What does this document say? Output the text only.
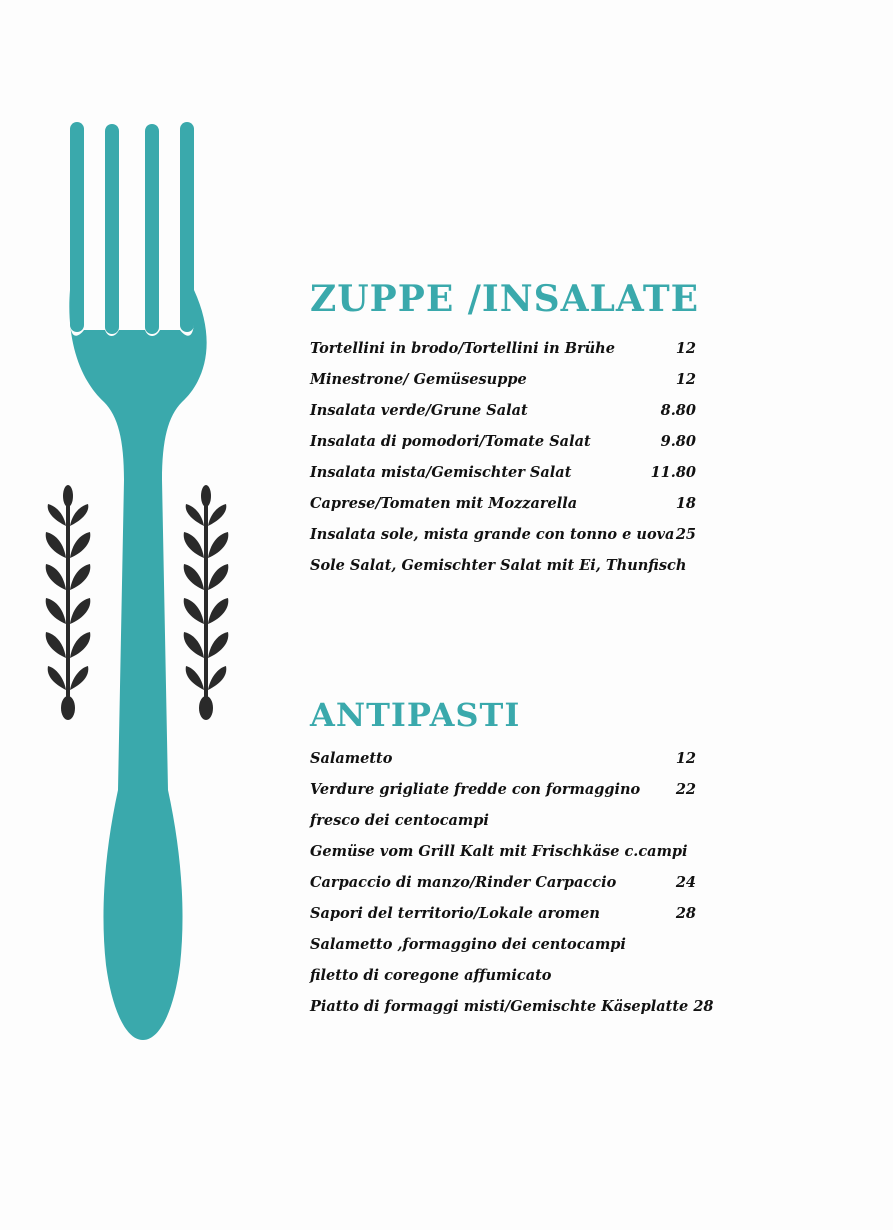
ZUPPE /INSALATE
Tortellini in brodo/Tortellini in Brühe	12
Minestrone/ Gemüsesuppe	12
Insalata verde/Grune Salat	8.80
Insalata di pomodori/Tomate Salat	9.80
Insalata mista/Gemischter Salat	11.80
Caprese/Tomaten mit Mozzarella	18
Insalata sole, mista grande con tonno e uova 25
Sole Salat, Gemischter Salat mit Ei, Thunfisch
ANTIPASTI
Salametto	12
Verdure grigliate fredde con formaggino 22
fresco dei centocampi
Gemüse vom Grill Kalt mit Frischkäse c.campi
Carpaccio di manzo/Rinder Carpaccio	24
Sapori del territorio/Lokale aromen	28
Salametto ,formaggino dei centocampi
filetto di coregone affumicato
Piatto di formaggi misti/Gemischte Käseplatte 28
